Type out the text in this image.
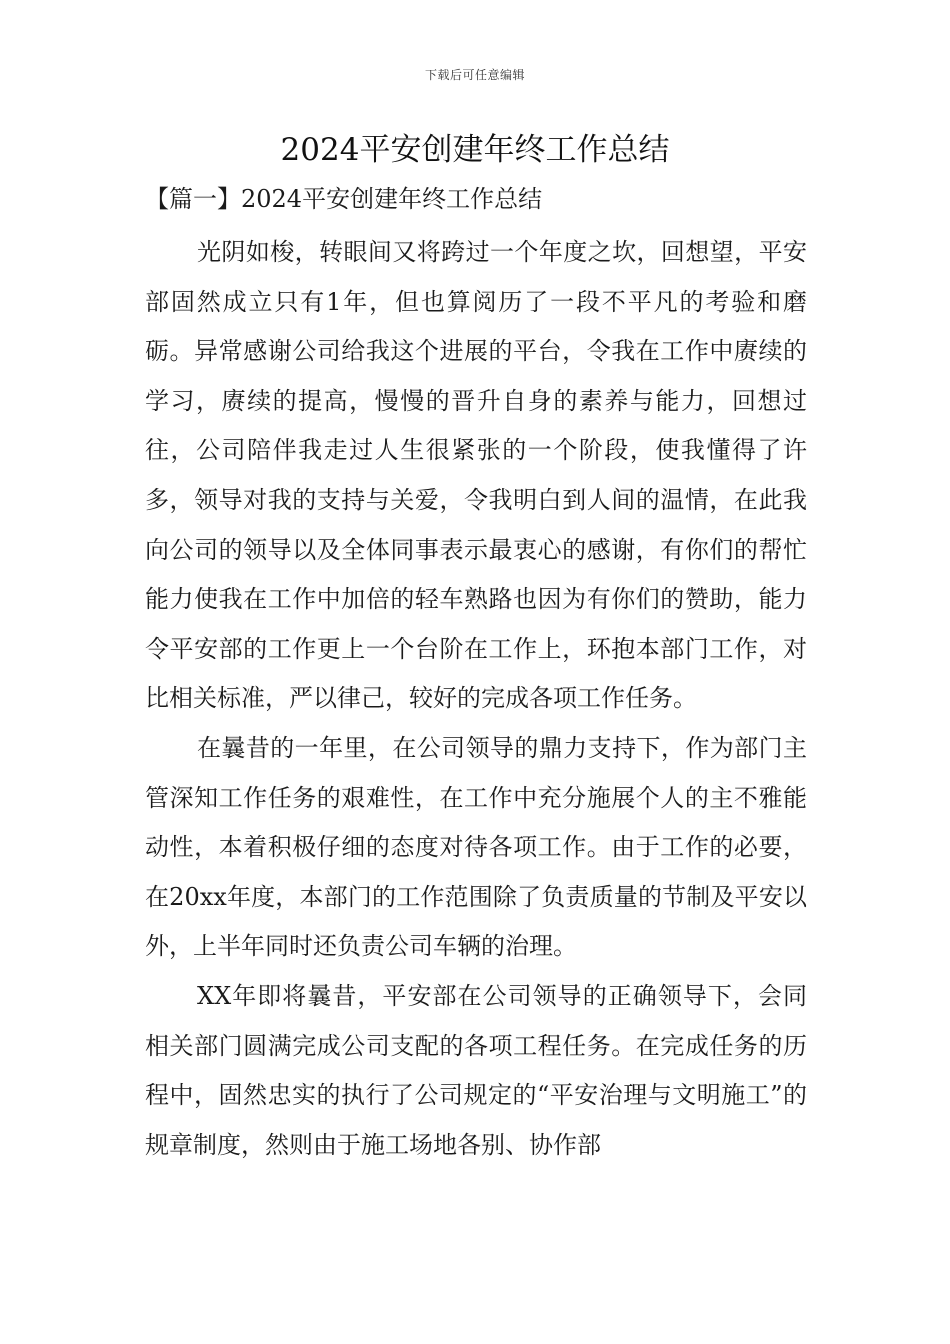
下载后可任意编辑
2024平安创建年终工作总结
【篇一】2024平安创建年终工作总结

光阴如梭，转眼间又将跨过一个年度之坎，回想望，平安部固然成立只有1年，但也算阅历了一段不平凡的考验和磨砺。异常感谢公司给我这个进展的平台，令我在工作中赓续的学习，赓续的提高，慢慢的晋升自身的素养与能力，回想过往，公司陪伴我走过人生很紧张的一个阶段，使我懂得了许多，领导对我的支持与关爱，令我明白到人间的温情，在此我向公司的领导以及全体同事表示最衷心的感谢，有你们的帮忙能力使我在工作中加倍的轻车熟路也因为有你们的赞助，能力令平安部的工作更上一个台阶在工作上，环抱本部门工作，对比相关标准，严以律己，较好的完成各项工作任务。

在曩昔的一年里，在公司领导的鼎力支持下，作为部门主管深知工作任务的艰难性，在工作中充分施展个人的主不雅能动性，本着积极仔细的态度对待各项工作。由于工作的必要，在20xx年度，本部门的工作范围除了负责质量的节制及平安以外，上半年同时还负责公司车辆的治理。

XX年即将曩昔，平安部在公司领导的正确领导下，会同相关部门圆满完成公司支配的各项工程任务。在完成任务的历程中，固然忠实的执行了公司规定的“平安治理与文明施工”的规章制度，然则由于施工场地各别、协作部
